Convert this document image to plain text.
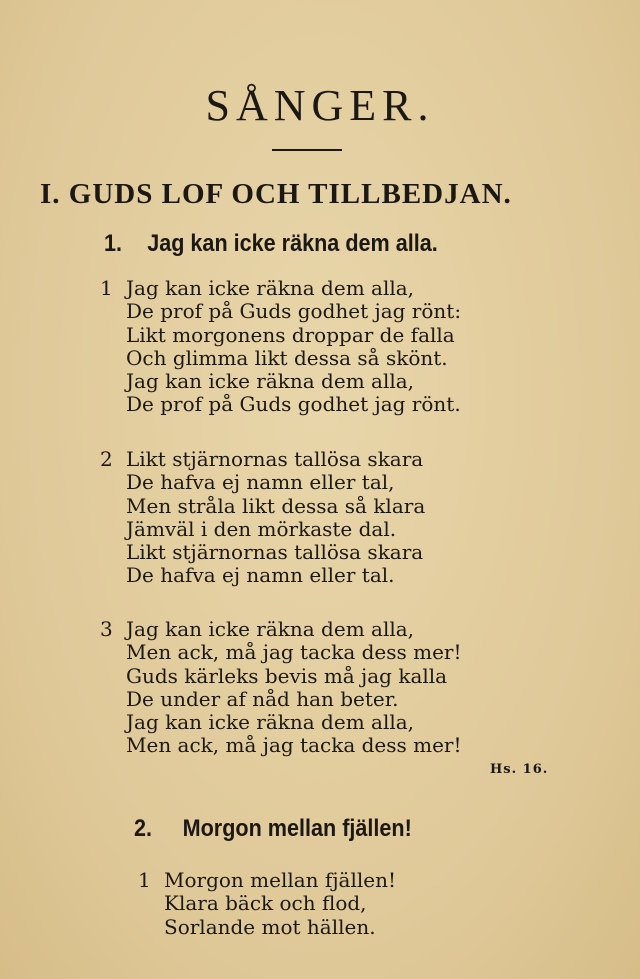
SÅNGER.
I. GUDS LOF OCH TILLBEDJAN.
1. Jag kan icke räkna dem alla.
1 Jag kan icke räkna dem alla,
De prof på Guds godhet jag rönt:
Likt morgonens droppar de falla
Och glimma likt dessa så skönt.
Jag kan icke räkna dem alla,
De prof på Guds godhet jag rönt.
2 Likt stjärnornas tallösa skara
De hafva ej namn eller tal,
Men stråla likt dessa så klara
Jämväl i den mörkaste dal.
Likt stjärnornas tallösa skara
De hafva ej namn eller tal.
3 Jag kan icke räkna dem alla,
Men ack, må jag tacka dess mer!
Guds kärleks bevis må jag kalla
De under af nåd han beter.
Jag kan icke räkna dem alla,
Men ack, må jag tacka dess mer!
Hs. 16.
2. Morgon mellan fjällen!
1 Morgon mellan fjällen!
Klara bäck och flod,
Sorlande mot hällen.
